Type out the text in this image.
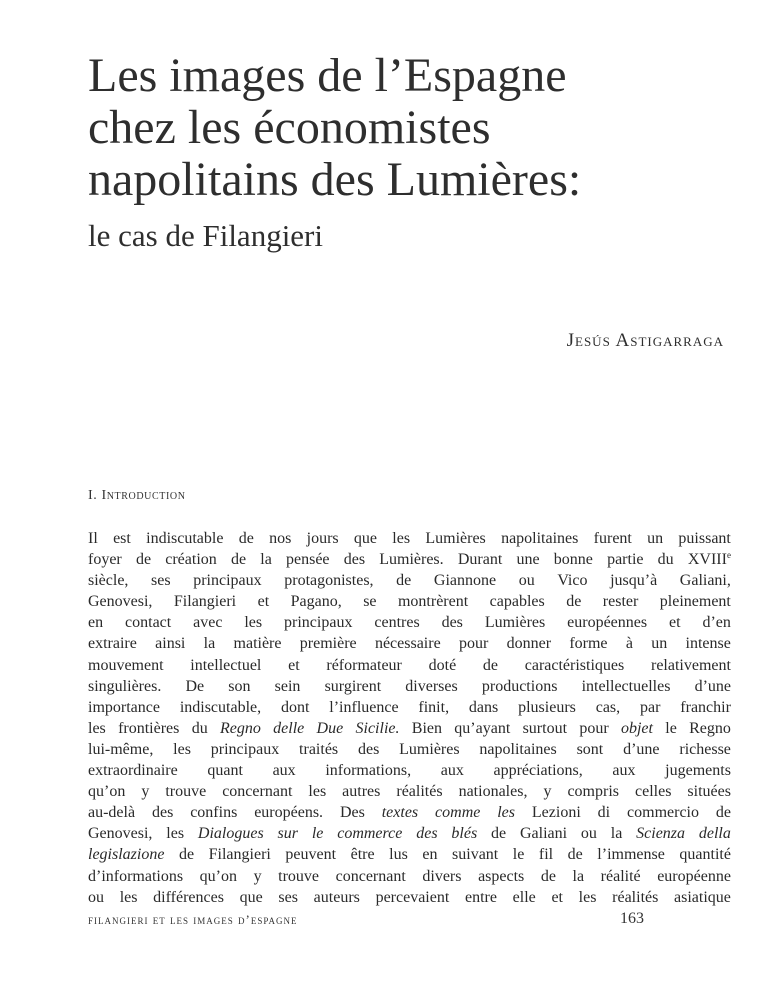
Les images de l’Espagne
chez les économistes
napolitains des Lumières:
le cas de Filangieri
Jesús Astigarraga
I. Introduction
Il est indiscutable de nos jours que les Lumières napolitaines furent un puissant
foyer de création de la pensée des Lumières. Durant une bonne partie du XVIIIe
siècle, ses principaux protagonistes, de Giannone ou Vico jusqu’à Galiani,
Genovesi, Filangieri et Pagano, se montrèrent capables de rester pleinement
en contact avec les principaux centres des Lumières européennes et d’en
extraire ainsi la matière première nécessaire pour donner forme à un intense
mouvement intellectuel et réformateur doté de caractéristiques relativement
singulières. De son sein surgirent diverses productions intellectuelles d’une
importance indiscutable, dont l’influence finit, dans plusieurs cas, par franchir
les frontières du Regno delle Due Sicilie. Bien qu’ayant surtout pour objet le Regno
lui-même, les principaux traités des Lumières napolitaines sont d’une richesse
extraordinaire quant aux informations, aux appréciations, aux jugements
qu’on y trouve concernant les autres réalités nationales, y compris celles situées
au-delà des confins européens. Des textes comme les Lezioni di commercio de
Genovesi, les Dialogues sur le commerce des blés de Galiani ou la Scienza della
legislazione de Filangieri peuvent être lus en suivant le fil de l’immense quantité
d’informations qu’on y trouve concernant divers aspects de la réalité européenne
ou les différences que ses auteurs percevaient entre elle et les réalités asiatique
filangieri et les images d’espagne	163
